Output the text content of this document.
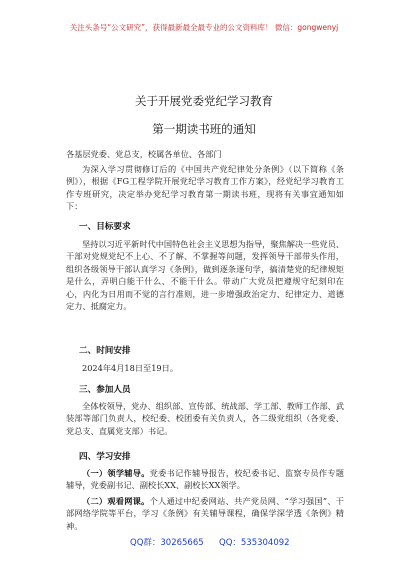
关注头条号“公文研究”，获得最新最全最专业的公文资料库！ 微信：gongwenyj
关于开展党委党纪学习教育
第一期读书班的通知
各基层党委、党总支，校属各单位、各部门
为深入学习贯彻修订后的《中国共产党纪律处分条例》（以下简称《条例》），根据《FG工程学院开展党纪学习教育工作方案》，经党纪学习教育工作专班研究，决定举办党纪学习教育第一期读书班，现将有关事宜通知如下：
一、目标要求
坚持以习近平新时代中国特色社会主义思想为指导，聚焦解决一些党员、干部对党规党纪不上心、不了解、不掌握等问题，发挥领导干部带头作用，组织各级领导干部认真学习《条例》，做到逐条逐句学，搞清楚党的纪律规矩是什么，弄明白能干什么、不能干什么。带动广大党员把遵规守纪刻印在心，内化为日用而不觉的言行准则，进一步增强政治定力、纪律定力、道德定力、抵腐定力。
二、时间安排
2024年4月18日至19日。
三、参加人员
全体校领导，党办、组织部、宣传部、统战部、学工部、教师工作部、武装部等部门负责人，校纪委、校团委有关负责人，各二级党组织（各党委、党总支、直属党支部）书记。
四、学习安排
（一）领学辅导。党委书记作辅导报告，校纪委书记、监察专员作专题辅导，党委副书记、副校长XX、副校长XX领学。
（二）观看网课。个人通过中纪委网站、共产党员网、“学习强国”、干部网络学院等平台，学习《条例》有关辅导课程，确保学深学透《条例》精神。
QQ群：30265665 QQ：535304092
